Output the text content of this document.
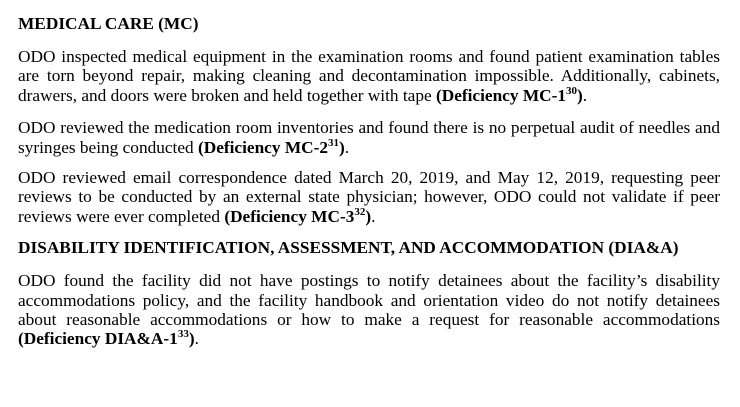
MEDICAL CARE (MC)

ODO inspected medical equipment in the examination rooms and found patient examination tables are torn beyond repair, making cleaning and decontamination impossible. Additionally, cabinets, drawers, and doors were broken and held together with tape (Deficiency $MC-1^{30}$).

ODO reviewed the medication room inventories and found there is no perpetual audit of needles and syringes being conducted (Deficiency $MC-2^{31}$).

ODO reviewed email correspondence dated March 20, 2019, and May 12, 2019, requesting peer reviews to be conducted by an external state physician; however, ODO could not validate if peer reviews were ever completed (Deficiency $MC-3^{32}$).

DISABILITY IDENTIFICATION, ASSESSMENT, AND ACCOMMODATION (DIA&A)

ODO found the facility did not have postings to notify detainees about the facility’s disability accommodations policy, and the facility handbook and orientation video do not notify detainees about reasonable accommodations or how to make a request for reasonable accommodations (Deficiency $DIA\&A-1^{33}$).
